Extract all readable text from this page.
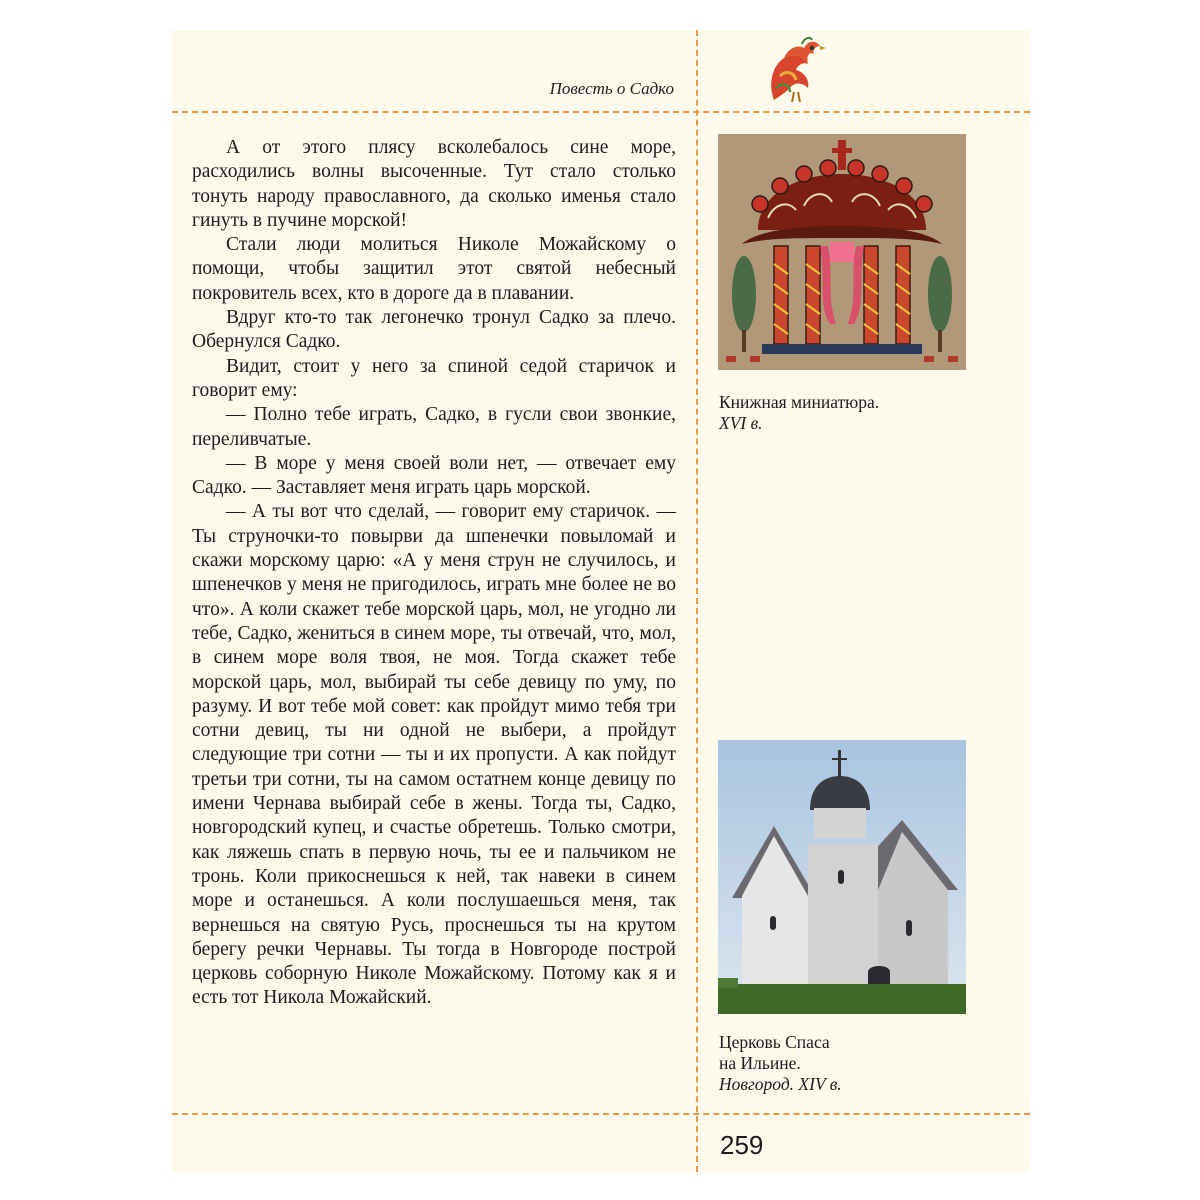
Повесть о Садко

А от этого плясу всколебалось сине море, расходились волны высоченные. Тут стало столько тонуть народу православного, да сколько именья стало гинуть в пучине морской!

Стали люди молиться Николе Можайскому о помощи, чтобы защитил этот святой небесный покровитель всех, кто в дороге да в плавании.

Вдруг кто-то так легонечко тронул Садко за плечо. Обернулся Садко.

Видит, стоит у него за спиной седой старичок и говорит ему:

— Полно тебе играть, Садко, в гусли свои звонкие, переливчатые.

— В море у меня своей воли нет, — отвечает ему Садко. — Заставляет меня играть царь морской.

— А ты вот что сделай, — говорит ему старичок. — Ты струночки-то повырви да шпенечки повыломай и скажи морскому царю: «А у меня струн не случилось, и шпенечков у меня не пригодилось, играть мне более не во что». А коли скажет тебе морской царь, мол, не угодно ли тебе, Садко, жениться в синем море, ты отвечай, что, мол, в синем море воля твоя, не моя. Тогда скажет тебе морской царь, мол, выбирай ты себе девицу по уму, по разуму. И вот тебе мой совет: как пройдут мимо тебя три сотни девиц, ты ни одной не выбери, а пройдут следующие три сотни — ты и их пропусти. А как пойдут третьи три сотни, ты на самом остатнем конце девицу по имени Чернава выбирай себе в жены. Тогда ты, Садко, новгородский купец, и счастье обретешь. Только смотри, как ляжешь спать в первую ночь, ты ее и пальчиком не тронь. Коли прикоснешься к ней, так навеки в синем море и останешься. А коли послушаешься меня, так вернешься на святую Русь, проснешься ты на крутом берегу речки Чернавы. Ты тогда в Новгороде построй церковь соборную Николе Можайскому. Потому как я и есть тот Никола Можайский.

Книжная миниатюра.
XVI в.
Церковь Спаса
на Ильине.
Новгород. XIV в.
259
